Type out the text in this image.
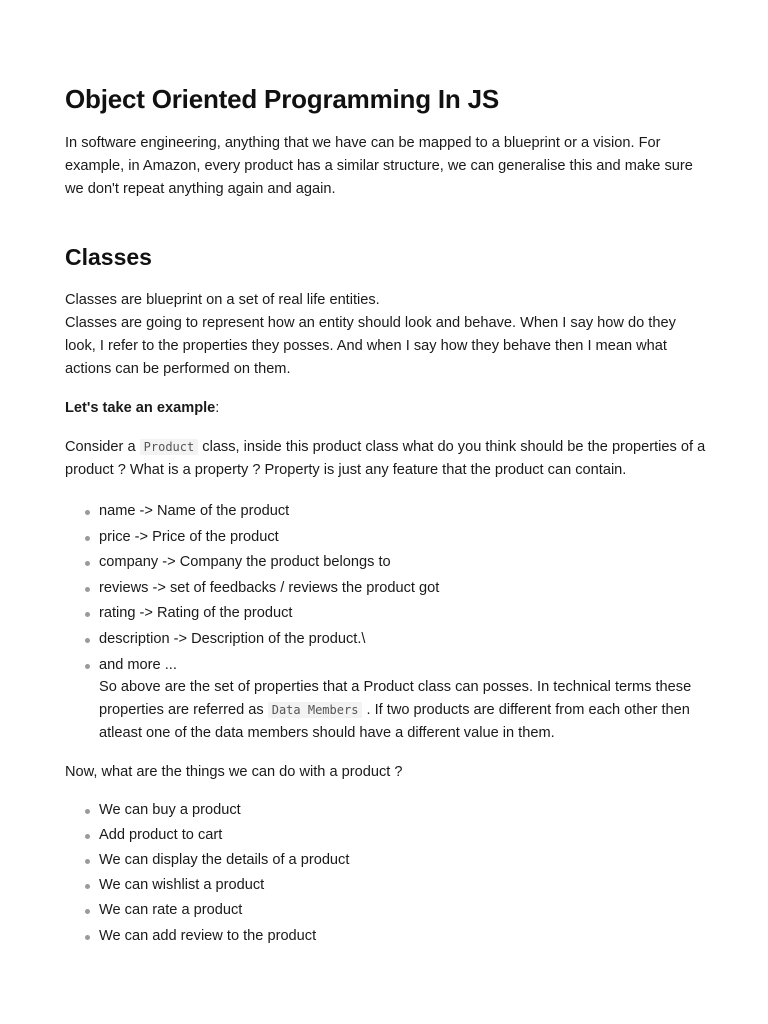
Object Oriented Programming In JS

In software engineering, anything that we have can be mapped to a blueprint or a vision. For example, in Amazon, every product has a similar structure, we can generalise this and make sure we don't repeat anything again and again.

Classes

Classes are blueprint on a set of real life entities.
Classes are going to represent how an entity should look and behave. When I say how do they look, I refer to the properties they posses. And when I say how they behave then I mean what actions can be performed on them.

Let's take an example:

Consider a Product class, inside this product class what do you think should be the properties of a product ? What is a property ? Property is just any feature that the product can contain.

name -> Name of the product
price -> Price of the product
company -> Company the product belongs to
reviews -> set of feedbacks / reviews the product got
rating -> Rating of the product
description -> Description of the product.\
and more ...
So above are the set of properties that a Product class can posses. In technical terms these properties are referred as Data Members . If two products are different from each other then atleast one of the data members should have a different value in them.

Now, what are the things we can do with a product ?

We can buy a product
Add product to cart
We can display the details of a product
We can wishlist a product
We can rate a product
We can add review to the product
